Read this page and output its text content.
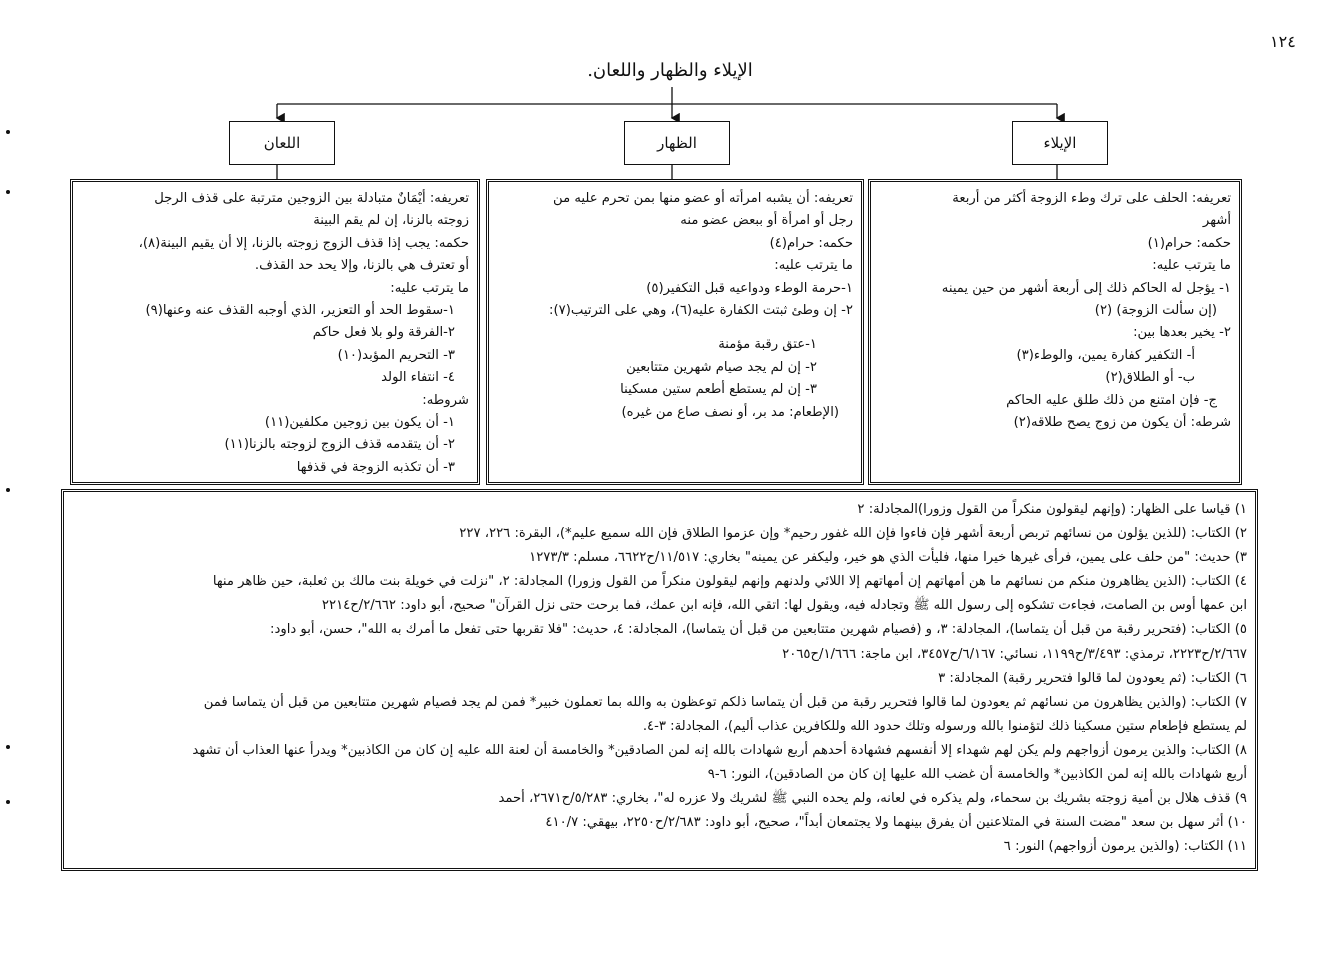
١٢٤
الإيلاء والظهار واللعان.
اللعان	الظهار	الإيلاء
تعريفه: الحلف على ترك وطء الزوجة أكثر من أربعة
أشهر
حكمه: حرام(١)
ما يترتب عليه:
١- يؤجل له الحاكم ذلك إلى أربعة أشهر من حين يمينه
(إن سألت الزوجة) (٢)
٢- يخير بعدها بين:
أ- التكفير كفارة يمين، والوطء(٣)
ب- أو الطلاق(٢)
ج- فإن امتنع من ذلك طلق عليه الحاكم
شرطه: أن يكون من زوج يصح طلاقه(٢)
تعريفه: أن يشبه امرأته أو عضو منها بمن تحرم عليه من
رجل أو امرأة أو ببعض عضو منه
حكمه: حرام(٤)
ما يترتب عليه:
١-حرمة الوطء ودواعيه قبل التكفير(٥)
٢- إن وطئ ثبتت الكفارة عليه(٦)، وهي على الترتيب(٧):
١-عتق رقبة مؤمنة
٢- إن لم يجد صيام شهرين متتابعين
٣- إن لم يستطع أطعم ستين مسكينا
(الإطعام: مد بر، أو نصف صاع من غيره)
تعريفه: أيْمَانٌ متبادلة بين الزوجين مترتبة على قذف الرجل
زوجته بالزنا، إن لم يقم البينة
حكمه: يجب إذا قذف الزوج زوجته بالزنا، إلا أن يقيم البينة(٨)،
أو تعترف هي بالزنا، وإلا يحد حد القذف.
ما يترتب عليه:
١-سقوط الحد أو التعزير، الذي أوجبه القذف عنه وعنها(٩)
٢-الفرقة ولو بلا فعل حاكم
٣- التحريم المؤبد(١٠)
٤- انتفاء الولد
شروطه:
١- أن يكون بين زوجين مكلفين(١١)
٢- أن يتقدمه قذف الزوج لزوجته بالزنا(١١)
٣- أن تكذبه الزوجة في قذفها
١) قياسا على الظهار: (وإنهم ليقولون منكراً من القول وزورا)المجادلة: ٢
٢) الكتاب: (للذين يؤلون من نسائهم تربص أربعة أشهر فإن فاءوا فإن الله غفور رحيم* وإن عزموا الطلاق فإن الله سميع عليم*)، البقرة: ٢٢٦، ٢٢٧
٣) حديث: "من حلف على يمين، فرأى غيرها خيرا منها، فليأت الذي هو خير، وليكفر عن يمينه" بخاري: ١١/٥١٧/ح٦٦٢٢، مسلم: ١٢٧٣/٣
٤) الكتاب: (الذين يظاهرون منكم من نسائهم ما هن أمهاتهم إن أمهاتهم إلا اللائي ولدنهم وإنهم ليقولون منكراً من القول وزورا) المجادلة: ٢، "نزلت في خويلة بنت مالك بن ثعلبة، حين ظاهر منها
ابن عمها أوس بن الصامت، فجاءت تشكوه إلى رسول الله ﷺ وتجادله فيه، ويقول لها: اتقي الله، فإنه ابن عمك، فما برحت حتى نزل القرآن" صحيح، أبو داود: ٢/٦٦٢/ح٢٢١٤
٥) الكتاب: (فتحرير رقبة من قبل أن يتماسا)، المجادلة: ٣، و (فصيام شهرين متتابعين من قبل أن يتماسا)، المجادلة: ٤، حديث: "فلا تقربها حتى تفعل ما أمرك به الله"، حسن، أبو داود:
٢/٦٦٧/ح٢٢٢٣، ترمذي: ٣/٤٩٣/ح١١٩٩، نسائي: ٦/١٦٧/ح٣٤٥٧، ابن ماجة: ١/٦٦٦/ح٢٠٦٥
٦) الكتاب: (ثم يعودون لما قالوا فتحرير رقبة) المجادلة: ٣
٧) الكتاب: (والذين يظاهرون من نسائهم ثم يعودون لما قالوا فتحرير رقبة من قبل أن يتماسا ذلكم توعظون به والله بما تعملون خبير* فمن لم يجد فصيام شهرين متتابعين من قبل أن يتماسا فمن
لم يستطع فإطعام ستين مسكينا ذلك لتؤمنوا بالله ورسوله وتلك حدود الله وللكافرين عذاب أليم)، المجادلة: ٣-٤.
٨) الكتاب: والذين يرمون أزواجهم ولم يكن لهم شهداء إلا أنفسهم فشهادة أحدهم أربع شهادات بالله إنه لمن الصادقين* والخامسة أن لعنة الله عليه إن كان من الكاذبين* ويدرأ عنها العذاب أن تشهد
أربع شهادات بالله إنه لمن الكاذبين* والخامسة أن غضب الله عليها إن كان من الصادقين)، النور: ٦-٩
٩) قذف هلال بن أمية زوجته بشريك بن سحماء، ولم يذكره في لعانه، ولم يحده النبي ﷺ لشريك ولا عزره له"، بخاري: ٥/٢٨٣/ح٢٦٧١، أحمد
١٠) أثر سهل بن سعد "مضت السنة في المتلاعنين أن يفرق بينهما ولا يجتمعان أبداً"، صحيح، أبو داود: ٢/٦٨٣/ح٢٢٥٠، بيهقي: ٤١٠/٧
١١) الكتاب: (والذين يرمون أزواجهم) النور: ٦
